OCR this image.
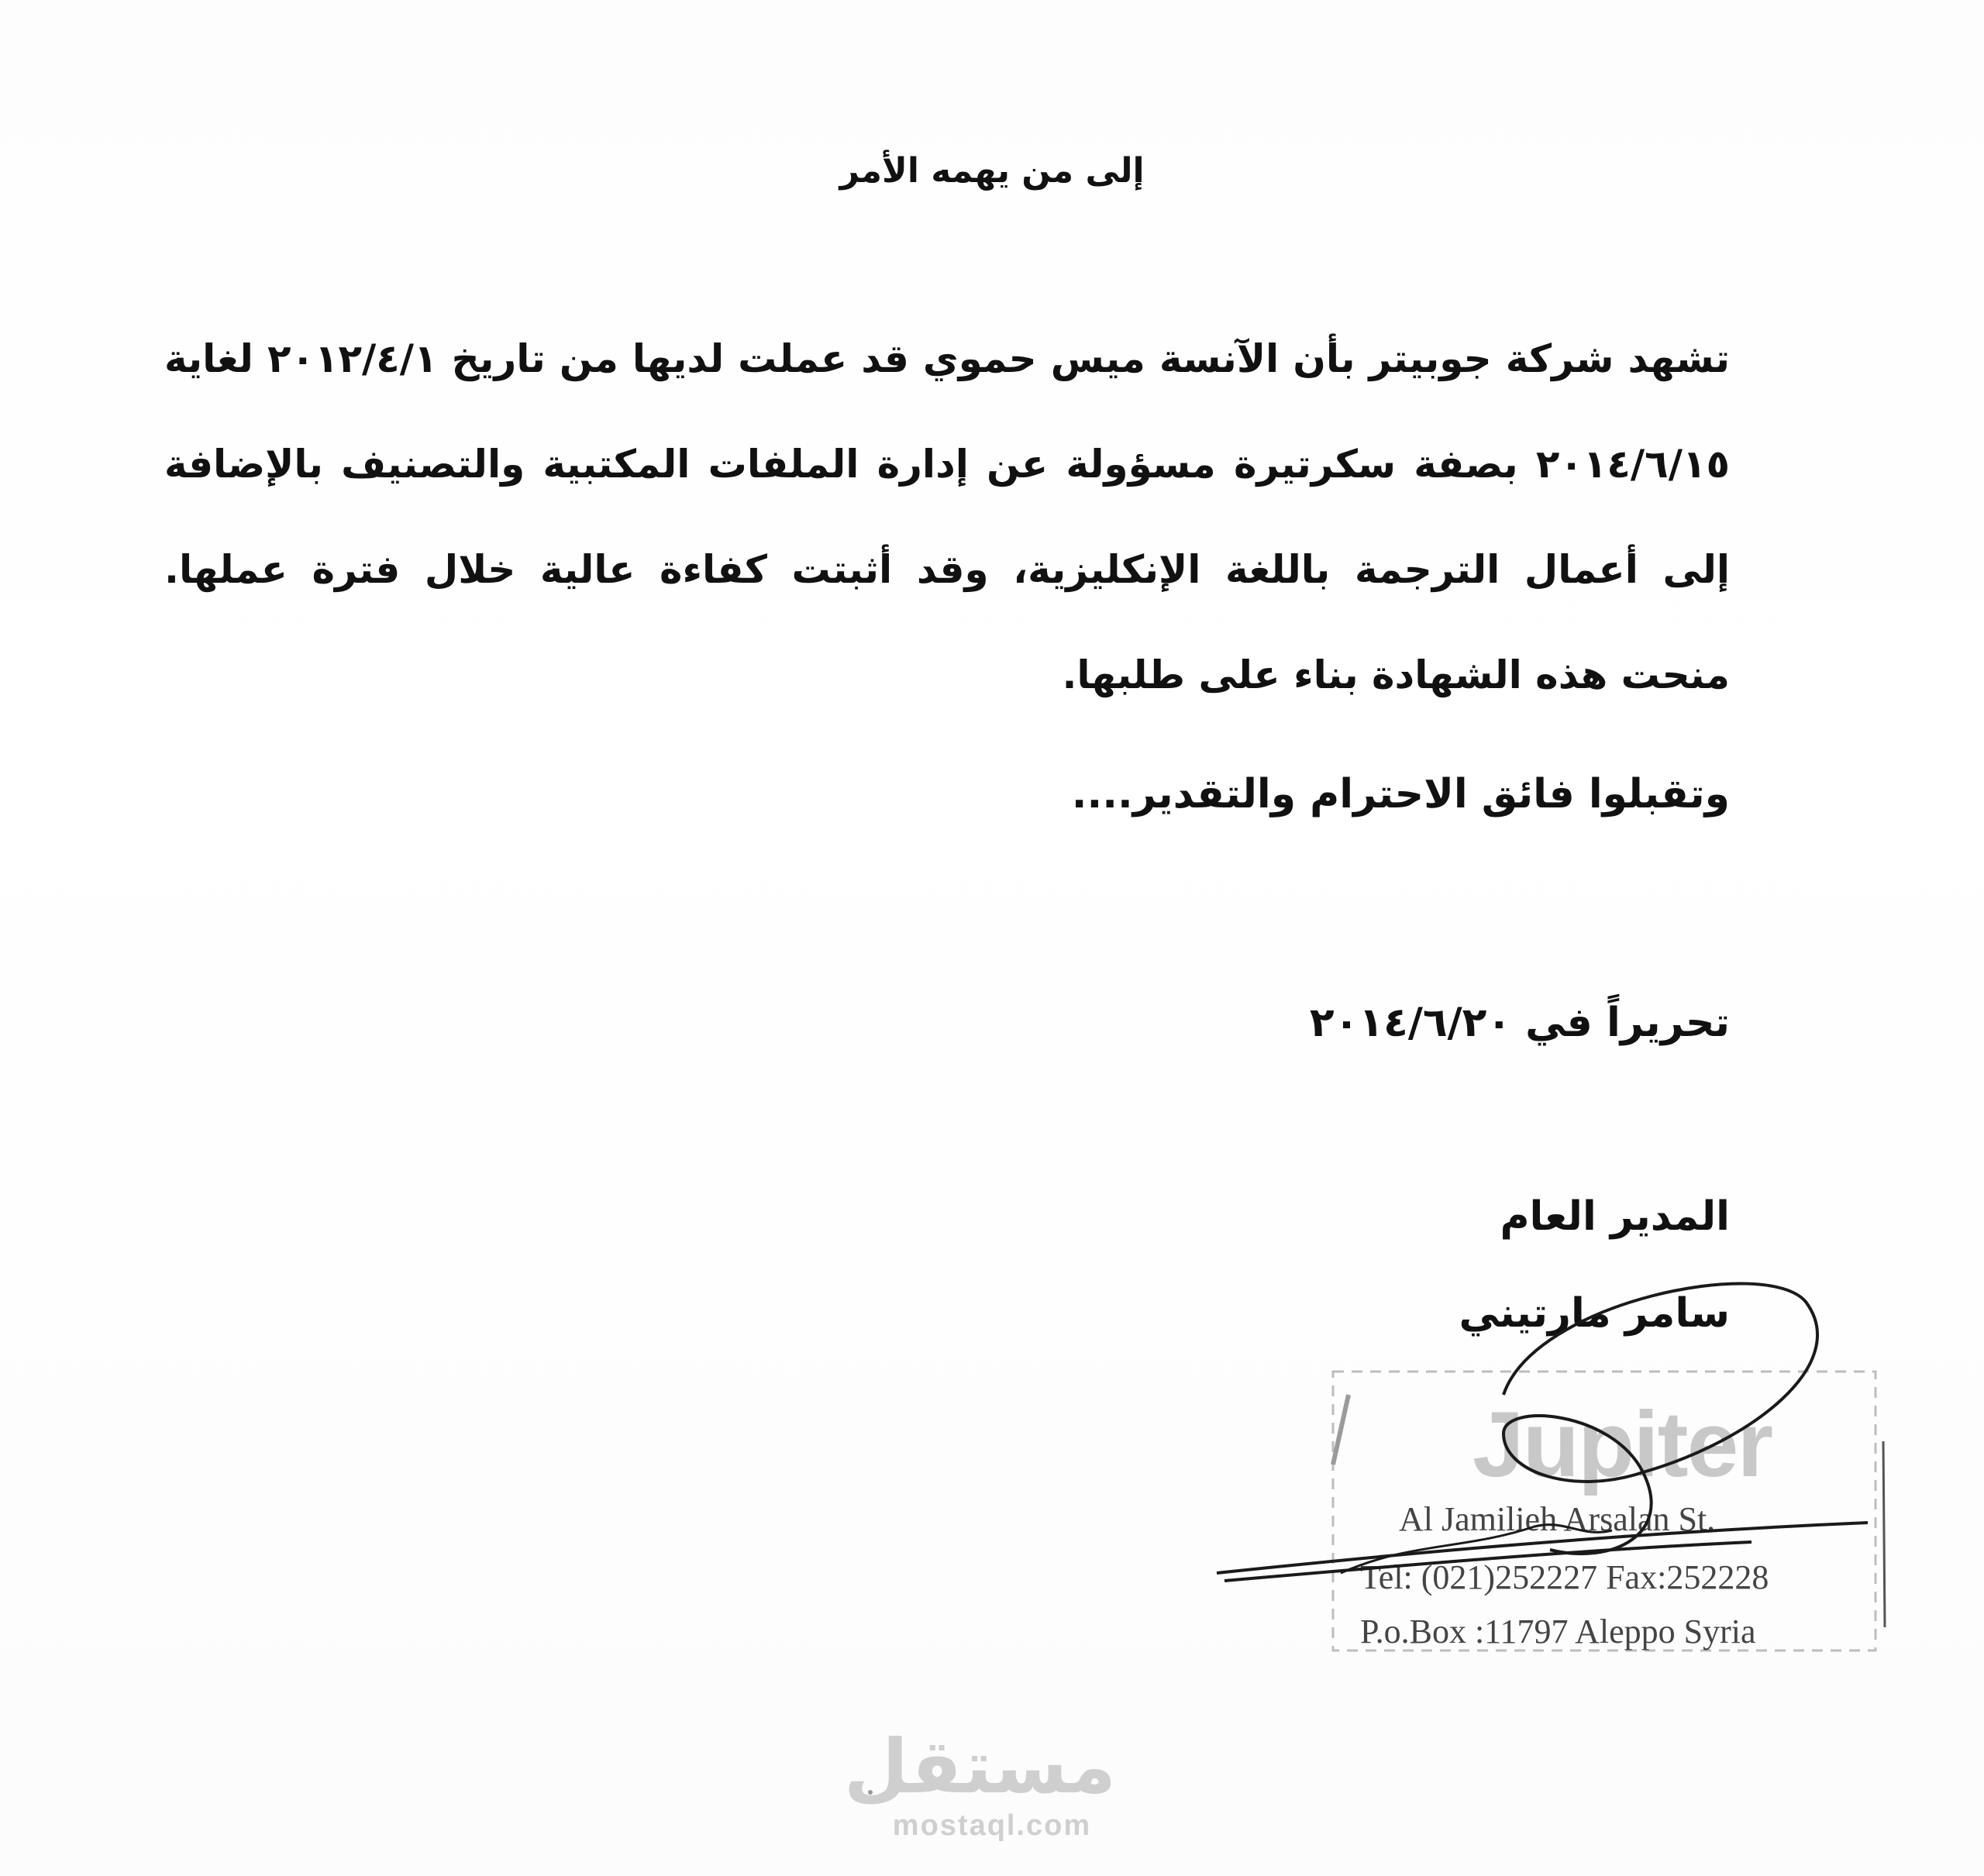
إلى من يهمه الأمر
تشهد شركة جوبيتر بأن الآنسة ميس حموي قد عملت لديها من تاريخ ٢٠١٢/٤/١ لغاية ٢٠١٤/٦/١٥ بصفة سكرتيرة مسؤولة عن إدارة الملفات المكتبية والتصنيف بالإضافة إلى أعمال الترجمة باللغة الإنكليزية، وقد أثبتت كفاءة عالية خلال فترة عملها. منحت هذه الشهادة بناء على طلبها.
وتقبلوا فائق الاحترام والتقدير....
تحريراً في ٢٠١٤/٦/٢٠
المدير العام
سامر مارتيني
Jupiter
Al Jamilieh Arsalan St.
Tel: (021)252227 Fax:252228
P.o.Box :11797 Aleppo Syria
مستقل
mostaql.com
